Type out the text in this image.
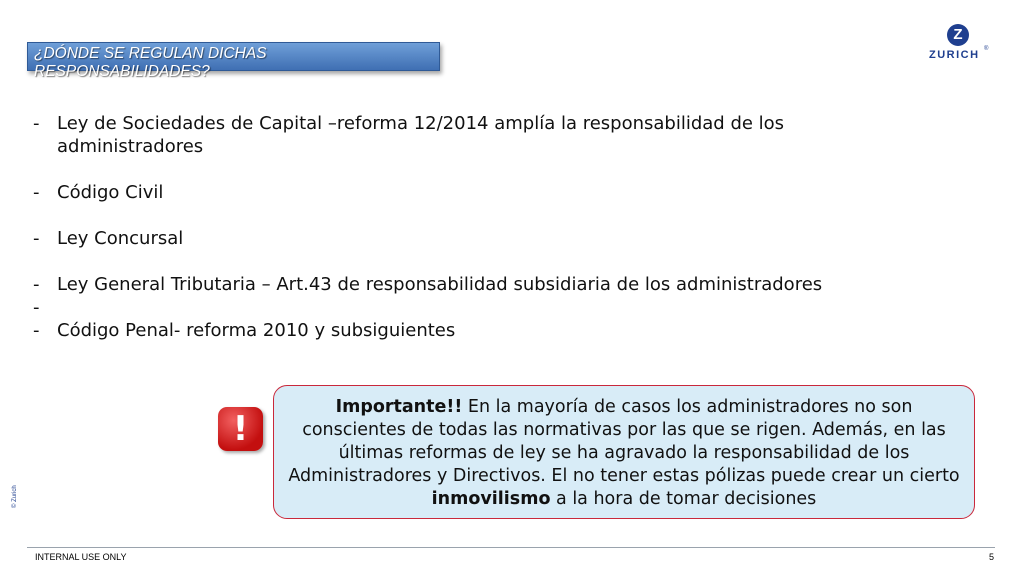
¿DÓNDE SE REGULAN DICHAS RESPONSABILIDADES?
Z
ZURICH ®
- Ley de Sociedades de Capital –reforma 12/2014 amplía la responsabilidad de los administradores
- Código Civil
- Ley Concursal
- Ley General Tributaria – Art.43 de responsabilidad subsidiaria de los administradores
-
- Código Penal- reforma 2010 y subsiguientes
!
Importante!! En la mayoría de casos los administradores no son conscientes de todas las normativas por las que se rigen. Además, en las últimas reformas de ley se ha agravado la responsabilidad de los Administradores y Directivos. El no tener estas pólizas puede crear un cierto inmovilismo a la hora de tomar decisiones
© Zurich
INTERNAL USE ONLY	5
